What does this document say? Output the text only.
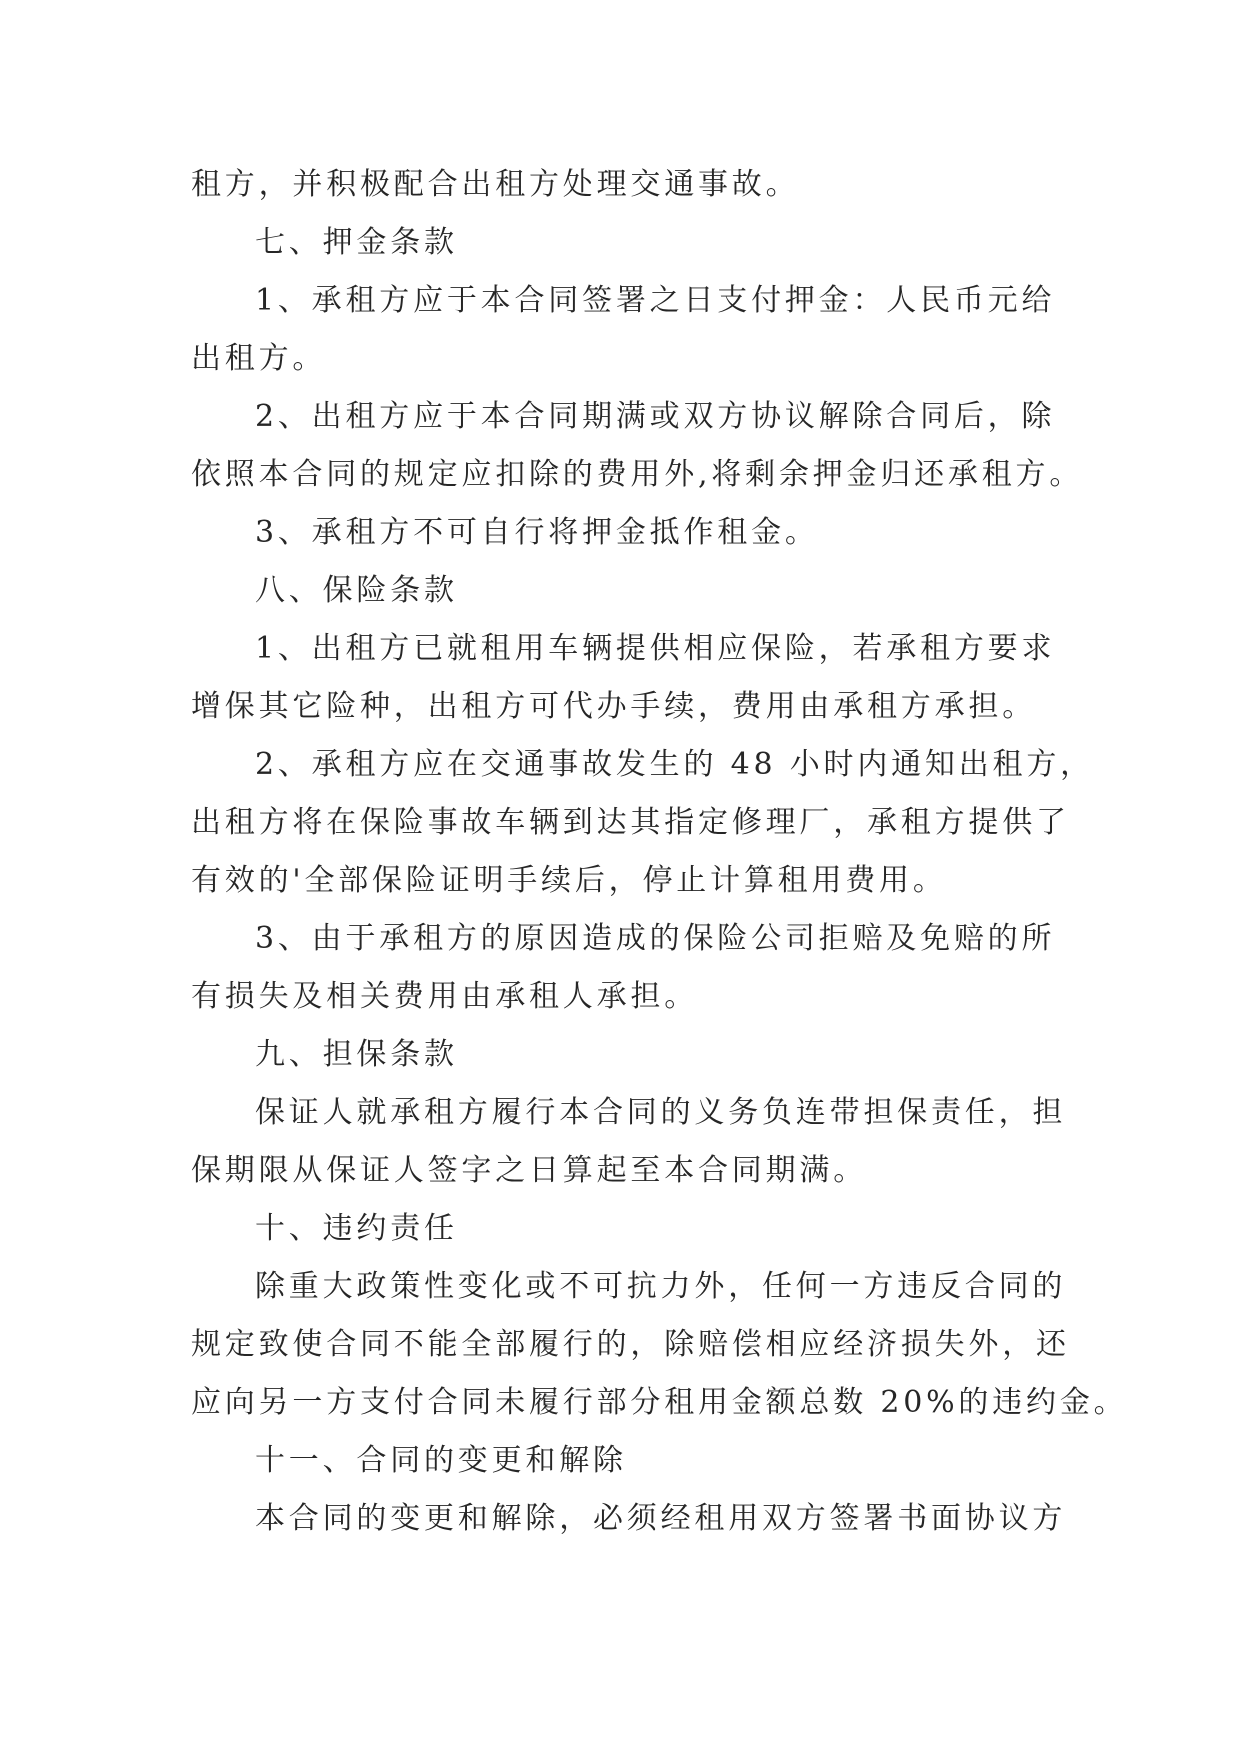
租方，并积极配合出租方处理交通事故。
七、押金条款
1、承租方应于本合同签署之日支付押金：人民币元给
出租方。
2、出租方应于本合同期满或双方协议解除合同后，除
依照本合同的规定应扣除的费用外,将剩余押金归还承租方。
3、承租方不可自行将押金抵作租金。
八、保险条款
1、出租方已就租用车辆提供相应保险，若承租方要求
增保其它险种，出租方可代办手续，费用由承租方承担。
2、承租方应在交通事故发生的 48 小时内通知出租方，
出租方将在保险事故车辆到达其指定修理厂，承租方提供了
有效的'全部保险证明手续后，停止计算租用费用。
3、由于承租方的原因造成的保险公司拒赔及免赔的所
有损失及相关费用由承租人承担。
九、担保条款
保证人就承租方履行本合同的义务负连带担保责任，担
保期限从保证人签字之日算起至本合同期满。
十、违约责任
除重大政策性变化或不可抗力外，任何一方违反合同的
规定致使合同不能全部履行的，除赔偿相应经济损失外，还
应向另一方支付合同未履行部分租用金额总数 20%的违约金。
十一、合同的变更和解除
本合同的变更和解除，必须经租用双方签署书面协议方
